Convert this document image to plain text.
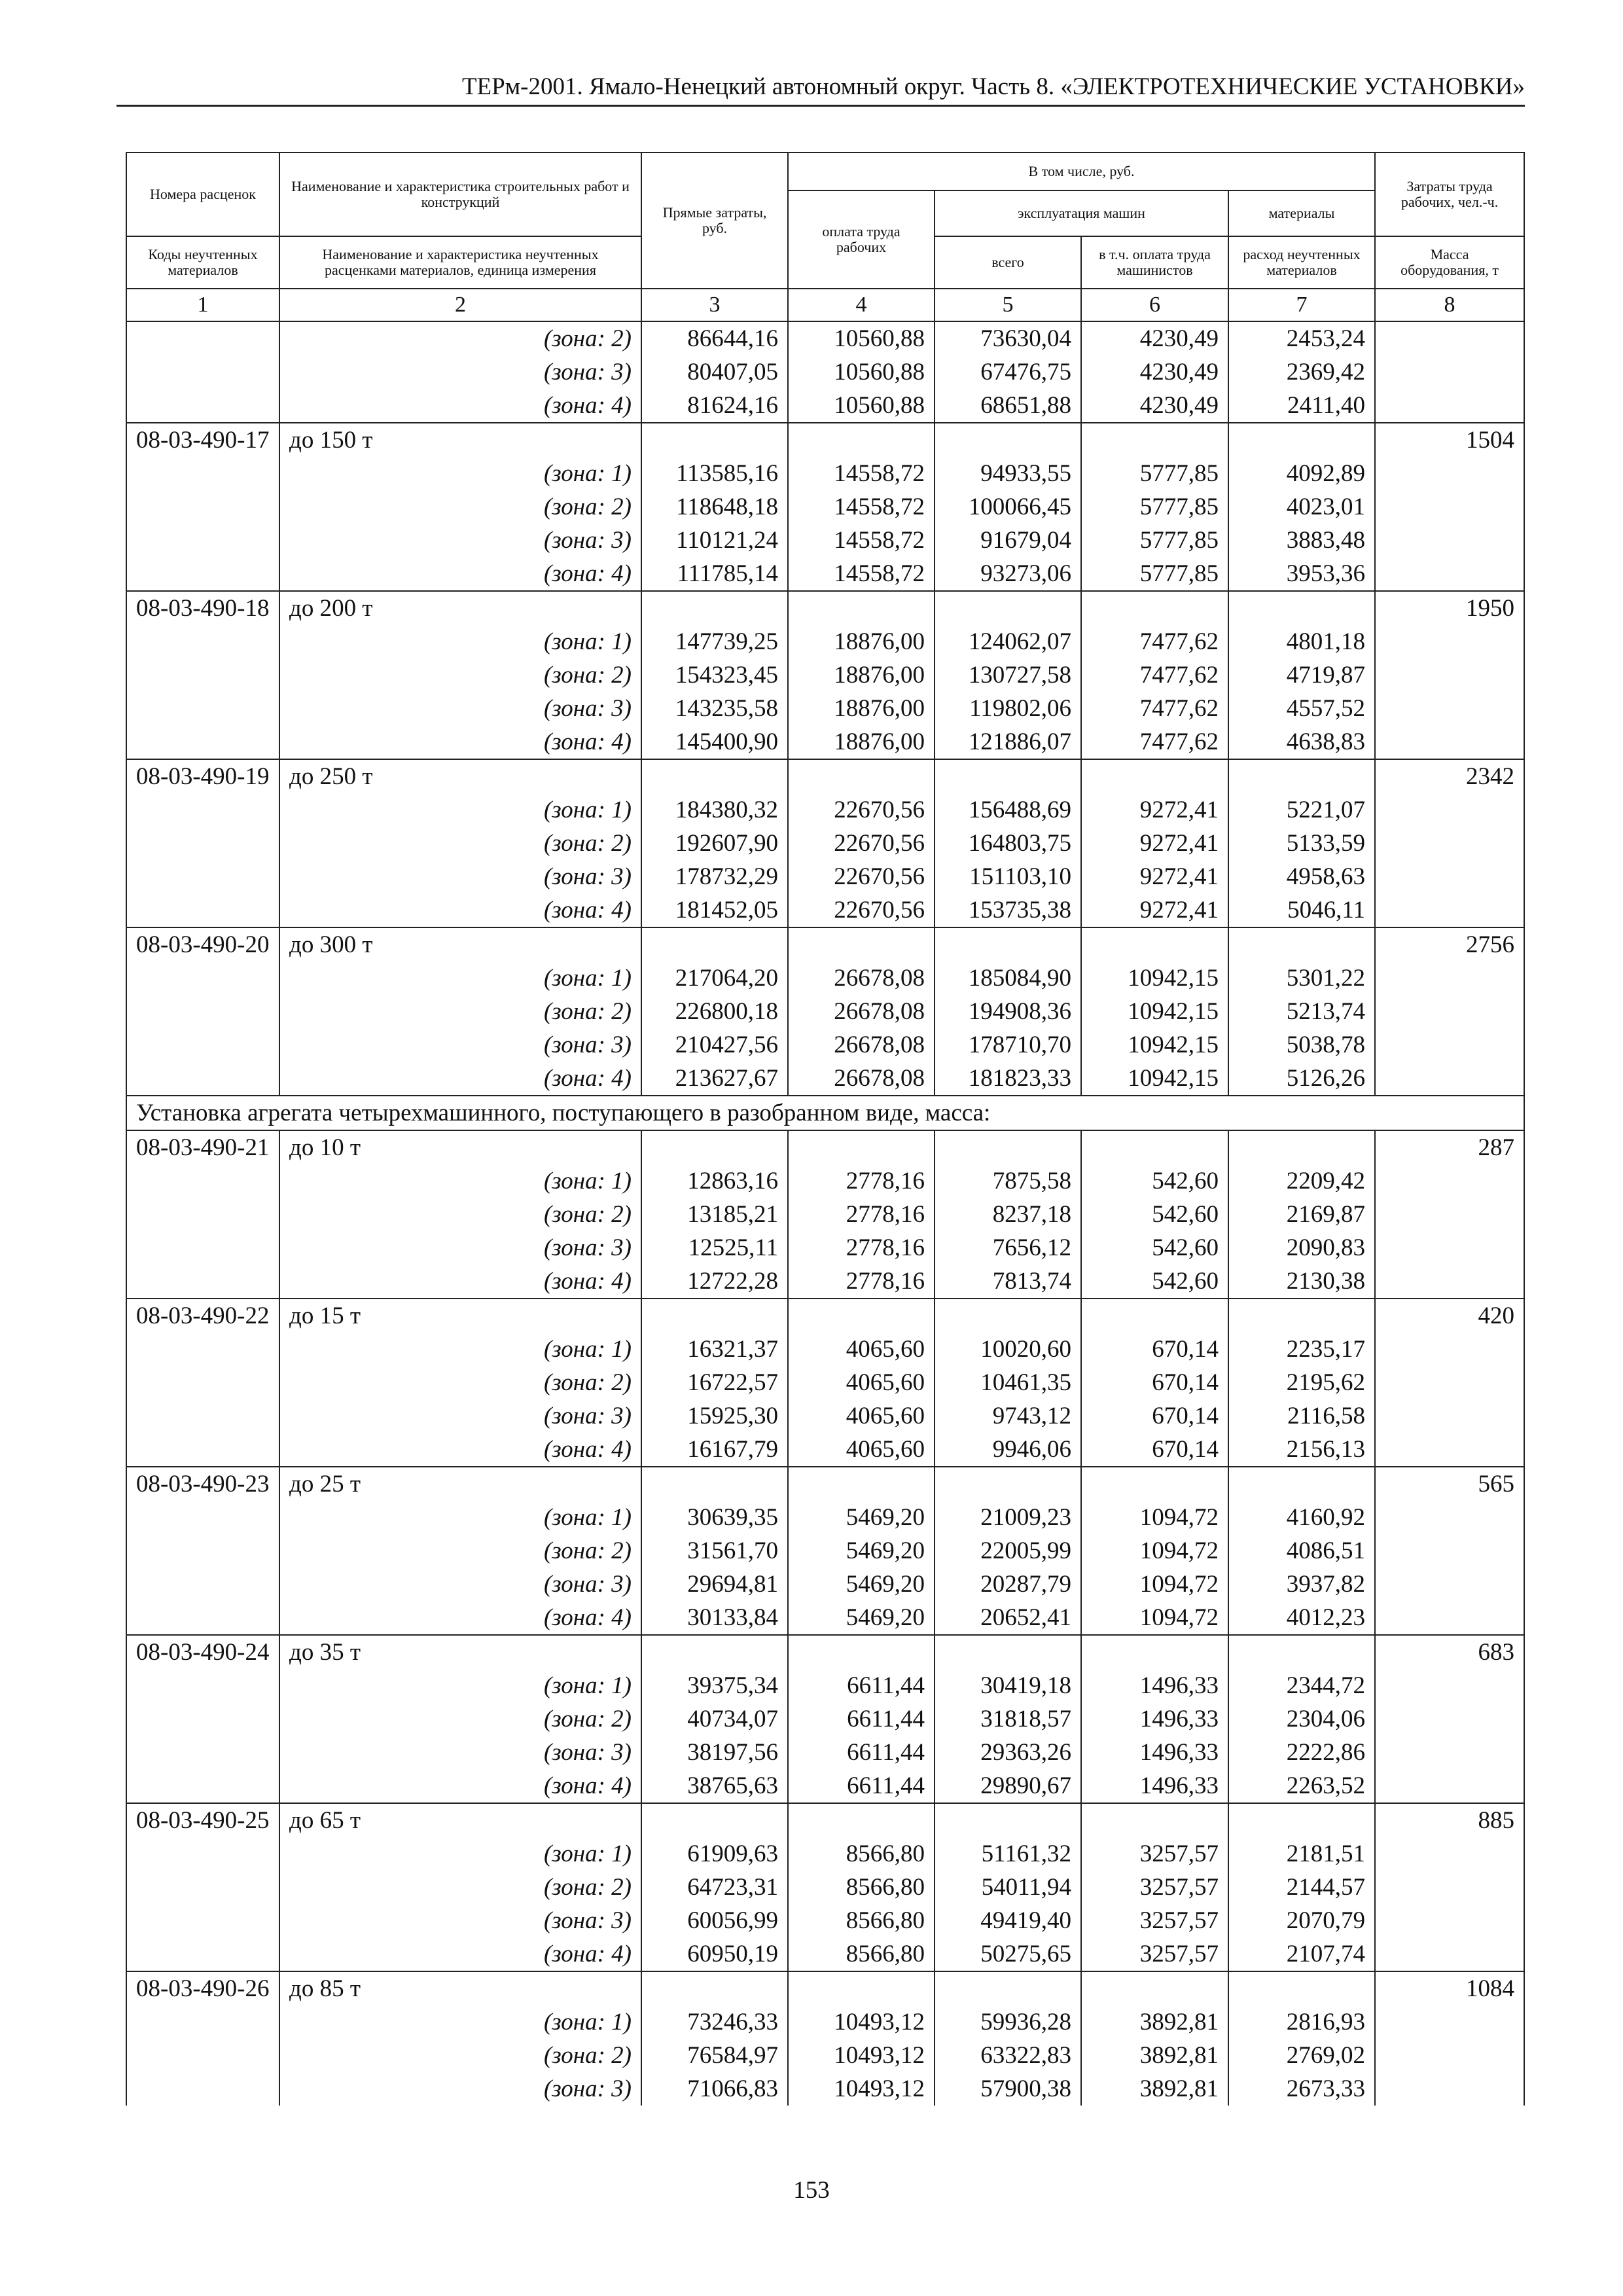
ТЕРм-2001. Ямало-Ненецкий автономный округ. Часть 8. «ЭЛЕКТРОТЕХНИЧЕСКИЕ УСТАНОВКИ»
Номера расценок	Наименование и характеристика строительных работ и конструкций	Прямые затраты, руб.	В том числе, руб.				Затраты труда рабочих, чел.-ч.
			оплата труда рабочих	эксплуатация машин		материалы	
Коды неучтенных материалов	Наименование и характеристика неучтенных расценками материалов, единица измерения			всего	в т.ч. оплата труда машинистов	расход неучтенных материалов	Масса оборудования, т
1	2	3	4	5	6	7	8
	(зона: 2)	86644,16	10560,88	73630,04	4230,49	2453,24	
	(зона: 3)	80407,05	10560,88	67476,75	4230,49	2369,42	
	(зона: 4)	81624,16	10560,88	68651,88	4230,49	2411,40	
08-03-490-17	до 150 т						1504
	(зона: 1)	113585,16	14558,72	94933,55	5777,85	4092,89	
	(зона: 2)	118648,18	14558,72	100066,45	5777,85	4023,01	
	(зона: 3)	110121,24	14558,72	91679,04	5777,85	3883,48	
	(зона: 4)	111785,14	14558,72	93273,06	5777,85	3953,36	
08-03-490-18	до 200 т						1950
	(зона: 1)	147739,25	18876,00	124062,07	7477,62	4801,18	
	(зона: 2)	154323,45	18876,00	130727,58	7477,62	4719,87	
	(зона: 3)	143235,58	18876,00	119802,06	7477,62	4557,52	
	(зона: 4)	145400,90	18876,00	121886,07	7477,62	4638,83	
08-03-490-19	до 250 т						2342
	(зона: 1)	184380,32	22670,56	156488,69	9272,41	5221,07	
	(зона: 2)	192607,90	22670,56	164803,75	9272,41	5133,59	
	(зона: 3)	178732,29	22670,56	151103,10	9272,41	4958,63	
	(зона: 4)	181452,05	22670,56	153735,38	9272,41	5046,11	
08-03-490-20	до 300 т						2756
	(зона: 1)	217064,20	26678,08	185084,90	10942,15	5301,22	
	(зона: 2)	226800,18	26678,08	194908,36	10942,15	5213,74	
	(зона: 3)	210427,56	26678,08	178710,70	10942,15	5038,78	
	(зона: 4)	213627,67	26678,08	181823,33	10942,15	5126,26	
Установка агрегата четырехмашинного, поступающего в разобранном виде, масса:							
08-03-490-21	до 10 т						287
	(зона: 1)	12863,16	2778,16	7875,58	542,60	2209,42	
	(зона: 2)	13185,21	2778,16	8237,18	542,60	2169,87	
	(зона: 3)	12525,11	2778,16	7656,12	542,60	2090,83	
	(зона: 4)	12722,28	2778,16	7813,74	542,60	2130,38	
08-03-490-22	до 15 т						420
	(зона: 1)	16321,37	4065,60	10020,60	670,14	2235,17	
	(зона: 2)	16722,57	4065,60	10461,35	670,14	2195,62	
	(зона: 3)	15925,30	4065,60	9743,12	670,14	2116,58	
	(зона: 4)	16167,79	4065,60	9946,06	670,14	2156,13	
08-03-490-23	до 25 т						565
	(зона: 1)	30639,35	5469,20	21009,23	1094,72	4160,92	
	(зона: 2)	31561,70	5469,20	22005,99	1094,72	4086,51	
	(зона: 3)	29694,81	5469,20	20287,79	1094,72	3937,82	
	(зона: 4)	30133,84	5469,20	20652,41	1094,72	4012,23	
08-03-490-24	до 35 т						683
	(зона: 1)	39375,34	6611,44	30419,18	1496,33	2344,72	
	(зона: 2)	40734,07	6611,44	31818,57	1496,33	2304,06	
	(зона: 3)	38197,56	6611,44	29363,26	1496,33	2222,86	
	(зона: 4)	38765,63	6611,44	29890,67	1496,33	2263,52	
08-03-490-25	до 65 т						885
	(зона: 1)	61909,63	8566,80	51161,32	3257,57	2181,51	
	(зона: 2)	64723,31	8566,80	54011,94	3257,57	2144,57	
	(зона: 3)	60056,99	8566,80	49419,40	3257,57	2070,79	
	(зона: 4)	60950,19	8566,80	50275,65	3257,57	2107,74	
08-03-490-26	до 85 т						1084
	(зона: 1)	73246,33	10493,12	59936,28	3892,81	2816,93	
	(зона: 2)	76584,97	10493,12	63322,83	3892,81	2769,02	
	(зона: 3)	71066,83	10493,12	57900,38	3892,81	2673,33	
153
